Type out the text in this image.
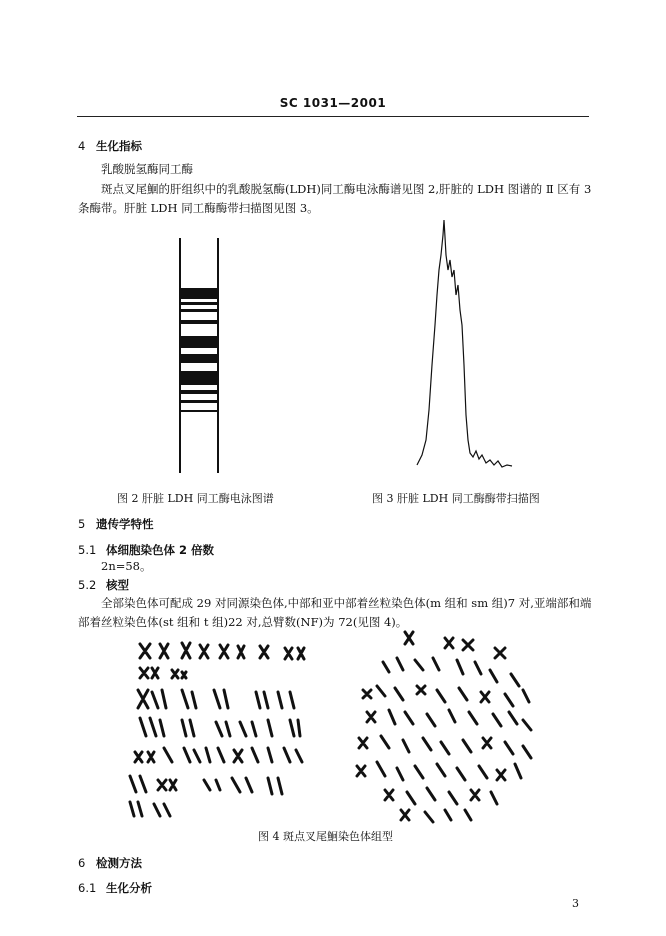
SC 1031—2001
4 生化指标
乳酸脱氢酶同工酶
斑点叉尾鮰的肝组织中的乳酸脱氢酶(LDH)同工酶电泳酶谱见图 2,肝脏的 LDH 图谱的 Ⅱ 区有 3
条酶带。肝脏 LDH 同工酶酶带扫描图见图 3。
图 2 肝脏 LDH 同工酶电泳图谱	图 3 肝脏 LDH 同工酶酶带扫描图
5 遗传学特性
5.1 体细胞染色体 2 倍数
2n=58。
5.2 核型
全部染色体可配成 29 对同源染色体,中部和亚中部着丝粒染色体(m 组和 sm 组)7 对,亚端部和端
部着丝粒染色体(st 组和 t 组)22 对,总臂数(NF)为 72(见图 4)。
图 4 斑点叉尾鮰染色体组型
6 检测方法
6.1 生化分析
3
